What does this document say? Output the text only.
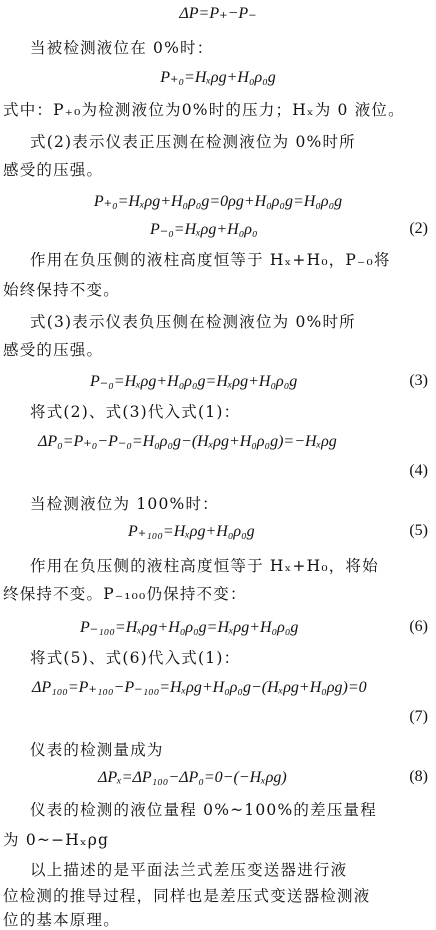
ΔP=P₊−P₋
当被检测液位在 0%时：
P₊₀=Hₓρg+H₀ρ₀g
式中：P₊₀为检测液位为0%时的压力；Hₓ为 0 液位。
式(2)表示仪表正压测在检测液位为 0%时所
感受的压强。
P₊₀=Hₓρg+H₀ρ₀g=0ρg+H₀ρ₀g=H₀ρ₀g
P₋₀=Hₓρg+H₀ρ₀	(2)
作用在负压侧的液柱高度恒等于 Hₓ+H₀，P₋₀将
始终保持不变。
式(3)表示仪表负压侧在检测液位为 0%时所
感受的压强。
P₋₀=Hₓρg+H₀ρ₀g=Hₓρg+H₀ρ₀g	(3)
将式(2)、式(3)代入式(1)：
ΔP₀=P₊₀−P₋₀=H₀ρ₀g−(Hₓρg+H₀ρ₀g)=−Hₓρg
(4)
当检测液位为 100%时：
P₊₁₀₀=Hₓρg+H₀ρ₀g	(5)
作用在负压侧的液柱高度恒等于 Hₓ+H₀，将始
终保持不变。P₋₁₀₀仍保持不变：
P₋₁₀₀=Hₓρg+H₀ρ₀g=Hₓρg+H₀ρ₀g	(6)
将式(5)、式(6)代入式(1)：
ΔP₁₀₀=P₊₁₀₀−P₋₁₀₀=Hₓρg+H₀ρ₀g−(Hₓρg+H₀ρg)=0
(7)
仪表的检测量成为
ΔPₓ=ΔP₁₀₀−ΔP₀=0−(−Hₓρg)	(8)
仪表的检测的液位量程 0%~100%的差压量程
为 0~−Hₓρg
以上描述的是平面法兰式差压变送器进行液
位检测的推导过程，同样也是差压式变送器检测液
位的基本原理。
